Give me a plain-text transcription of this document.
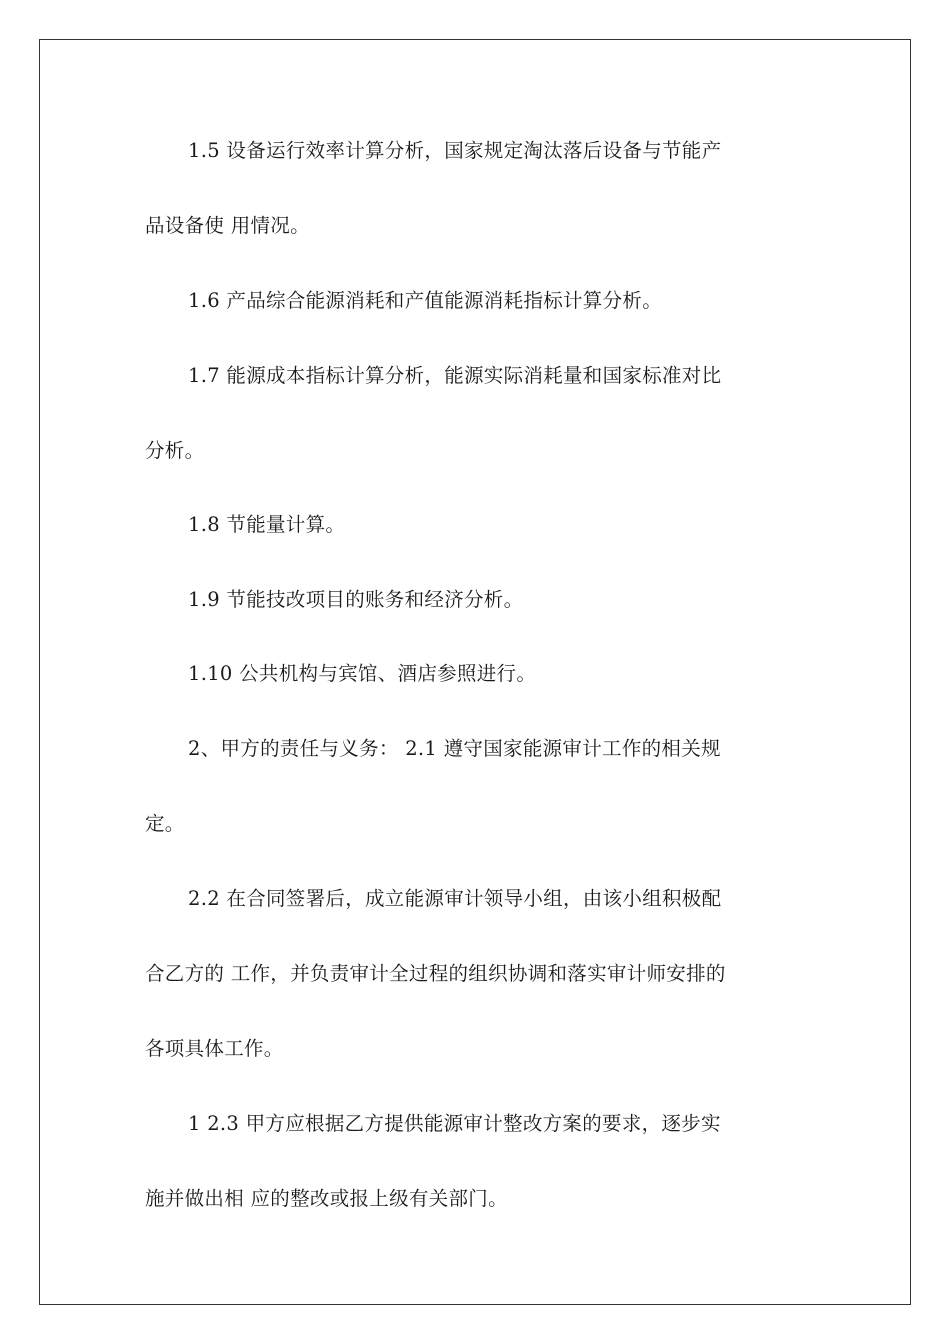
1.5 设备运行效率计算分析，国家规定淘汰落后设备与节能产
品设备使 用情况。
1.6 产品综合能源消耗和产值能源消耗指标计算分析。
1.7 能源成本指标计算分析，能源实际消耗量和国家标准对比
分析。
1.8 节能量计算。
1.9 节能技改项目的账务和经济分析。
1.10 公共机构与宾馆、酒店参照进行。
2、甲方的责任与义务： 2.1 遵守国家能源审计工作的相关规
定。
2.2 在合同签署后，成立能源审计领导小组，由该小组积极配
合乙方的 工作，并负责审计全过程的组织协调和落实审计师安排的
各项具体工作。
1 2.3 甲方应根据乙方提供能源审计整改方案的要求，逐步实
施并做出相 应的整改或报上级有关部门。
